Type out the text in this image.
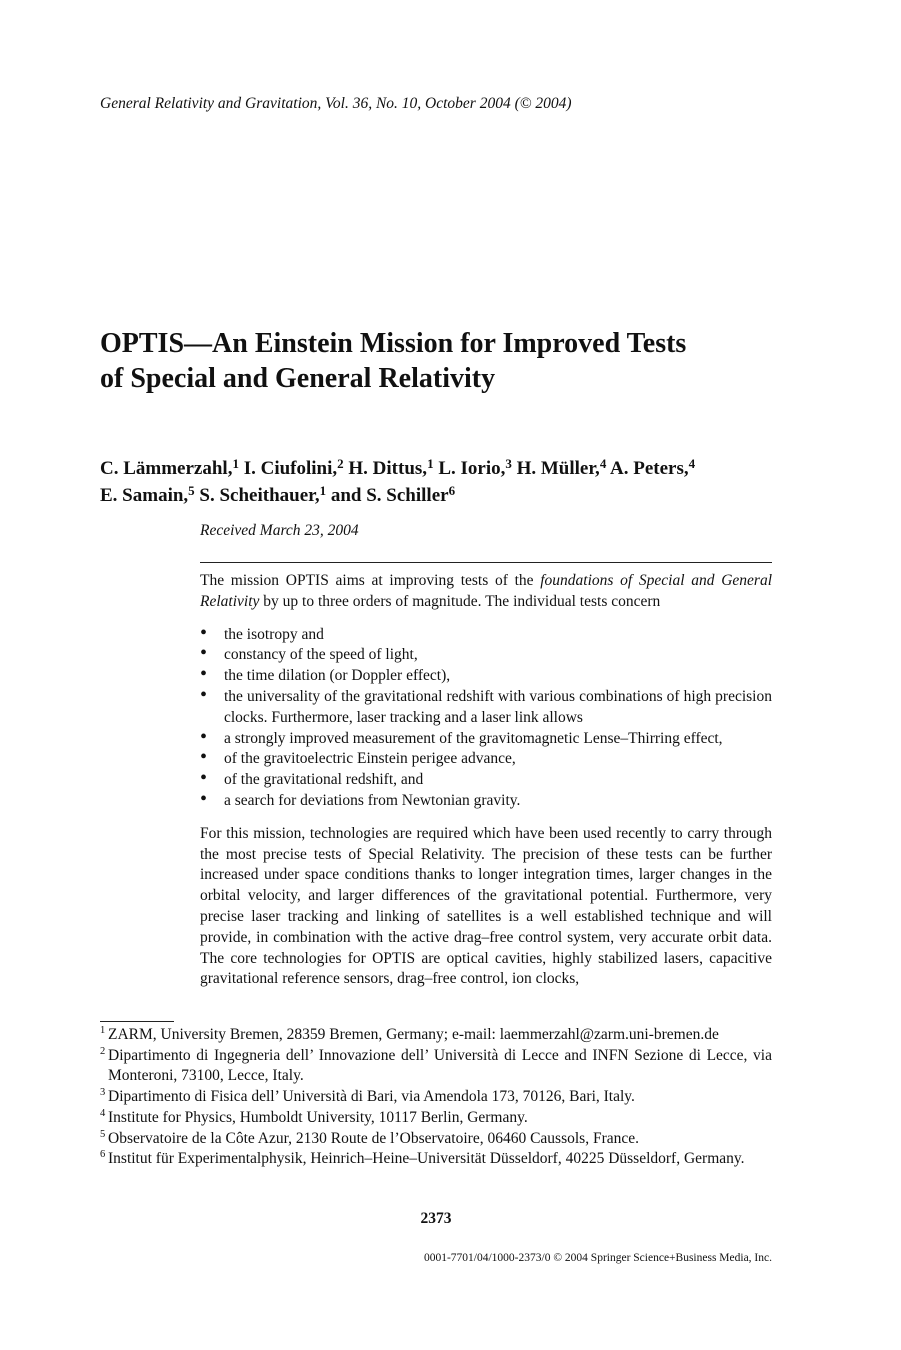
General Relativity and Gravitation, Vol. 36, No. 10, October 2004 (© 2004)
OPTIS—An Einstein Mission for Improved Tests
of Special and General Relativity
C. Lämmerzahl,$^1$ I. Ciufolini,$^2$ H. Dittus,$^1$ L. Iorio,$^3$ H. Müller,$^4$ A. Peters,$^4$
E. Samain,$^5$ S. Scheithauer,$^1$ and S. Schiller$^6$
Received March 23, 2004

The mission OPTIS aims at improving tests of the foundations of Special and General Relativity by up to three orders of magnitude. The individual tests concern

• the isotropy and
• constancy of the speed of light,
• the time dilation (or Doppler effect),
• the universality of the gravitational redshift with various combinations of high precision clocks. Furthermore, laser tracking and a laser link allows
• a strongly improved measurement of the gravitomagnetic Lense–Thirring effect,
• of the gravitoelectric Einstein perigee advance,
• of the gravitational redshift, and
• a search for deviations from Newtonian gravity.

For this mission, technologies are required which have been used recently to carry through the most precise tests of Special Relativity. The precision of these tests can be further increased under space conditions thanks to longer integration times, larger changes in the orbital velocity, and larger differences of the gravitational potential. Furthermore, very precise laser tracking and linking of satellites is a well established technique and will provide, in combination with the active drag–free control system, very accurate orbit data. The core technologies for OPTIS are optical cavities, highly stabilized lasers, capacitive gravitational reference sensors, drag–free control, ion clocks,

1 ZARM, University Bremen, 28359 Bremen, Germany; e-mail: laemmerzahl@zarm.uni-bremen.de
2 Dipartimento di Ingegneria dell’ Innovazione dell’ Università di Lecce and INFN Sezione di Lecce, via Monteroni, 73100, Lecce, Italy.
3 Dipartimento di Fisica dell’ Università di Bari, via Amendola 173, 70126, Bari, Italy.
4 Institute for Physics, Humboldt University, 10117 Berlin, Germany.
5 Observatoire de la Côte Azur, 2130 Route de l’Observatoire, 06460 Caussols, France.
6 Institut für Experimentalphysik, Heinrich–Heine–Universität Düsseldorf, 40225 Düsseldorf, Germany.
2373
0001-7701/04/1000-2373/0 © 2004 Springer Science+Business Media, Inc.
